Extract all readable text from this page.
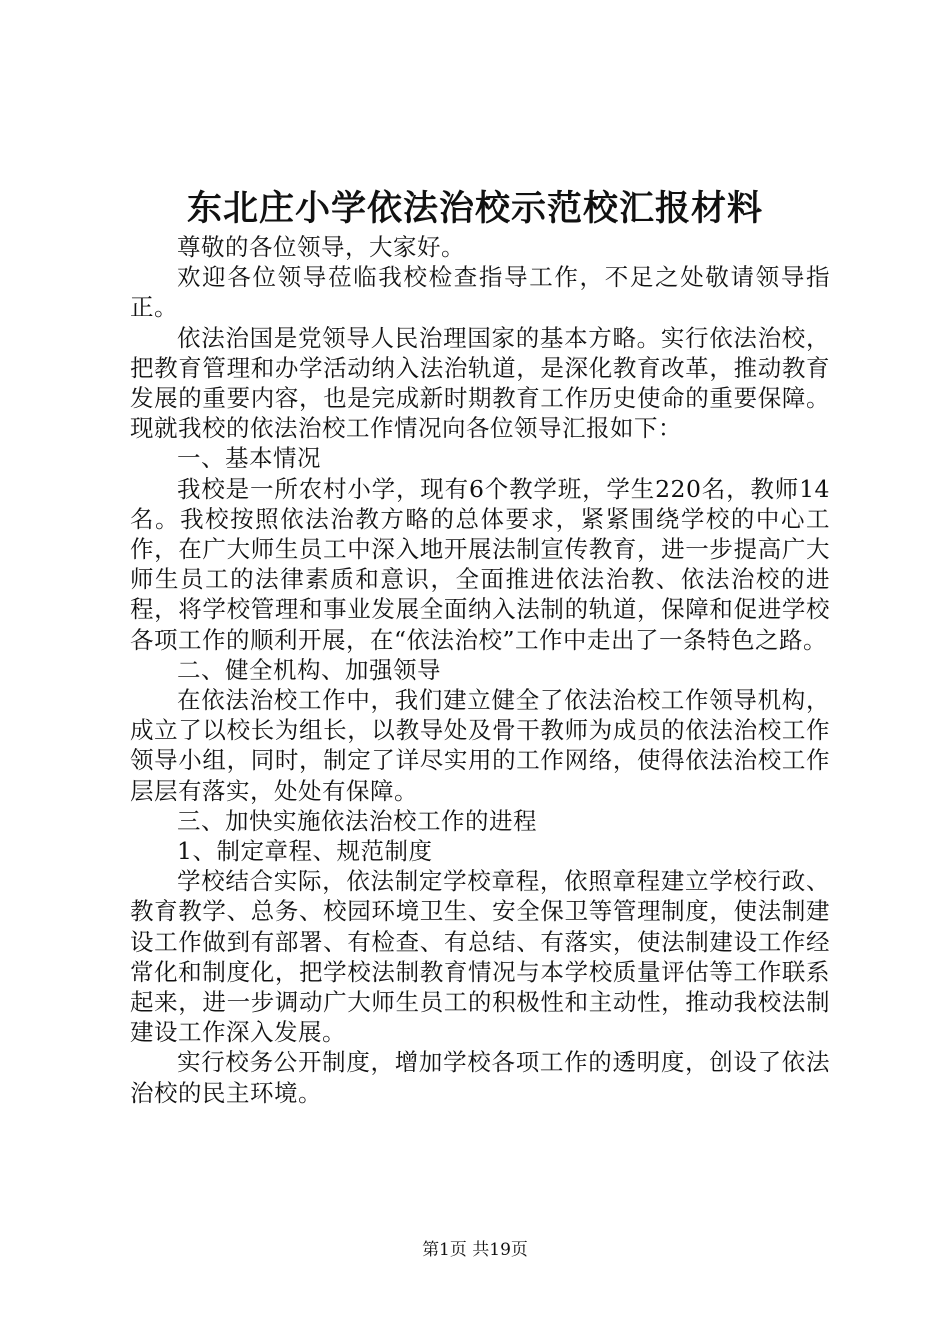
东北庄小学依法治校示范校汇报材料

尊敬的各位领导，大家好。

欢迎各位领导莅临我校检查指导工作，不足之处敬请领导指正。

依法治国是党领导人民治理国家的基本方略。实行依法治校，把教育管理和办学活动纳入法治轨道，是深化教育改革，推动教育发展的重要内容，也是完成新时期教育工作历史使命的重要保障。现就我校的依法治校工作情况向各位领导汇报如下：

一、基本情况

我校是一所农村小学，现有6个教学班，学生220名，教师14名。我校按照依法治教方略的总体要求，紧紧围绕学校的中心工作，在广大师生员工中深入地开展法制宣传教育，进一步提高广大师生员工的法律素质和意识，全面推进依法治教、依法治校的进程，将学校管理和事业发展全面纳入法制的轨道，保障和促进学校各项工作的顺利开展，在“依法治校”工作中走出了一条特色之路。

二、健全机构、加强领导

在依法治校工作中，我们建立健全了依法治校工作领导机构，成立了以校长为组长，以教导处及骨干教师为成员的依法治校工作领导小组，同时，制定了详尽实用的工作网络，使得依法治校工作层层有落实，处处有保障。

三、加快实施依法治校工作的进程

1、制定章程、规范制度

学校结合实际，依法制定学校章程，依照章程建立学校行政、教育教学、总务、校园环境卫生、安全保卫等管理制度，使法制建设工作做到有部署、有检查、有总结、有落实，使法制建设工作经常化和制度化，把学校法制教育情况与本学校质量评估等工作联系起来，进一步调动广大师生员工的积极性和主动性，推动我校法制建设工作深入发展。

实行校务公开制度，增加学校各项工作的透明度，创设了依法治校的民主环境。

第1页 共19页
